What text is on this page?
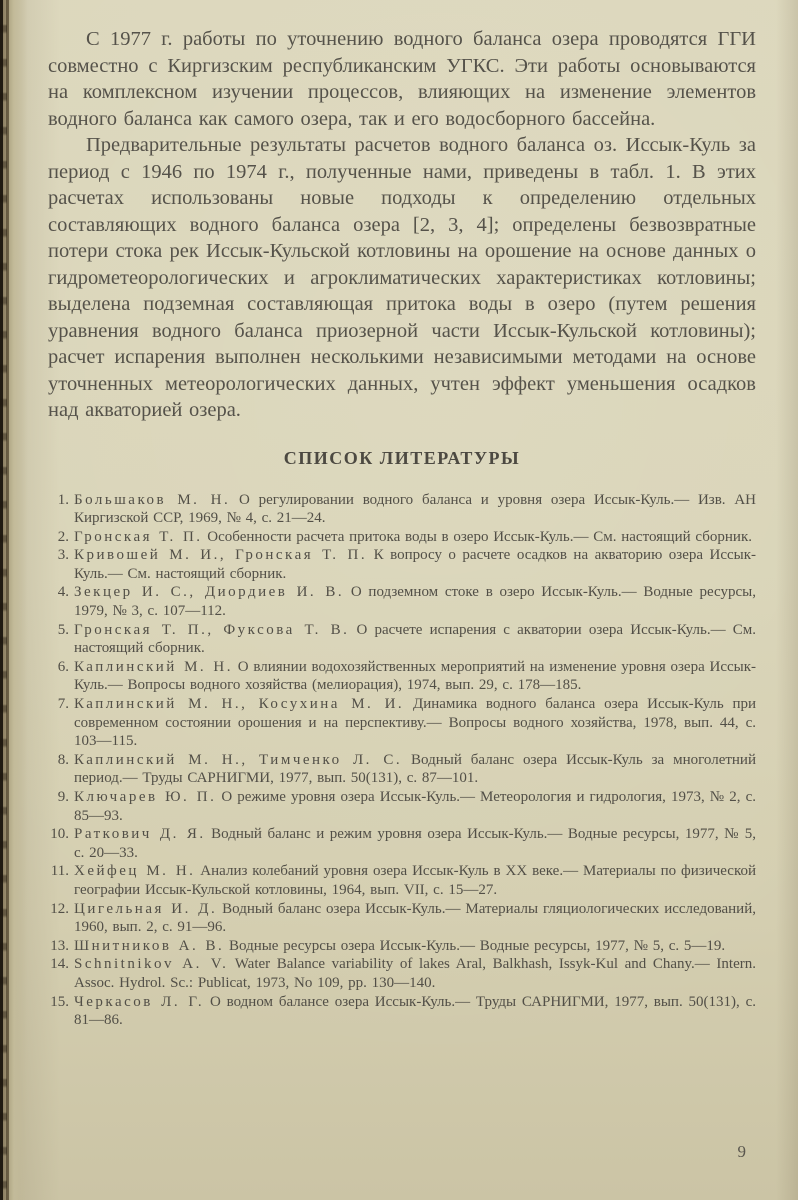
С 1977 г. работы по уточнению водного баланса озера проводятся ГГИ совместно с Киргизским республиканским УГКС. Эти работы основываются на комплексном изучении процессов, влияющих на изменение элементов водного баланса как самого озера, так и его водосборного бассейна.

Предварительные результаты расчетов водного баланса оз. Иссык-Куль за период с 1946 по 1974 г., полученные нами, приведены в табл. 1. В этих расчетах использованы новые подходы к определению отдельных составляющих водного баланса озера [2, 3, 4]; определены безвозвратные потери стока рек Иссык-Кульской котловины на орошение на основе данных о гидрометеорологических и агроклиматических характеристиках котловины; выделена подземная составляющая притока воды в озеро (путем решения уравнения водного баланса приозерной части Иссык-Кульской котловины); расчет испарения выполнен несколькими независимыми методами на основе уточненных метеорологических данных, учтен эффект уменьшения осадков над акваторией озера.

СПИСОК ЛИТЕРАТУРЫ
1. Большаков М. Н. О регулировании водного баланса и уровня озера Иссык-Куль.— Изв. АН Киргизской ССР, 1969, № 4, с. 21—24.
2. Гронская Т. П. Особенности расчета притока воды в озеро Иссык-Куль.— См. настоящий сборник.
3. Кривошей М. И., Гронская Т. П. К вопросу о расчете осадков на акваторию озера Иссык-Куль.— См. настоящий сборник.
4. Зекцер И. С., Диордиев И. В. О подземном стоке в озеро Иссык-Куль.— Водные ресурсы, 1979, № 3, с. 107—112.
5. Гронская Т. П., Фуксова Т. В. О расчете испарения с акватории озера Иссык-Куль.— См. настоящий сборник.
6. Каплинский М. Н. О влиянии водохозяйственных мероприятий на изменение уровня озера Иссык-Куль.— Вопросы водного хозяйства (мелиорация), 1974, вып. 29, с. 178—185.
7. Каплинский М. Н., Косухина М. И. Динамика водного баланса озера Иссык-Куль при современном состоянии орошения и на перспективу.— Вопросы водного хозяйства, 1978, вып. 44, с. 103—115.
8. Каплинский М. Н., Тимченко Л. С. Водный баланс озера Иссык-Куль за многолетний период.— Труды САРНИГМИ, 1977, вып. 50(131), с. 87—101.
9. Ключарев Ю. П. О режиме уровня озера Иссык-Куль.— Метеорология и гидрология, 1973, № 2, с. 85—93.
10. Раткович Д. Я. Водный баланс и режим уровня озера Иссык-Куль.— Водные ресурсы, 1977, № 5, с. 20—33.
11. Хейфец М. Н. Анализ колебаний уровня озера Иссык-Куль в XX веке.— Материалы по физической географии Иссык-Кульской котловины, 1964, вып. VII, с. 15—27.
12. Цигельная И. Д. Водный баланс озера Иссык-Куль.— Материалы гляциологических исследований, 1960, вып. 2, с. 91—96.
13. Шнитников А. В. Водные ресурсы озера Иссык-Куль.— Водные ресурсы, 1977, № 5, с. 5—19.
14. Schnitnikov A. V. Water Balance variability of lakes Aral, Balkhash, Issyk-Kul and Chany.— Intern. Assoc. Hydrol. Sc.: Publicat, 1973, No 109, pp. 130—140.
15. Черкасов Л. Г. О водном балансе озера Иссык-Куль.— Труды САРНИГМИ, 1977, вып. 50(131), с. 81—86.
9
